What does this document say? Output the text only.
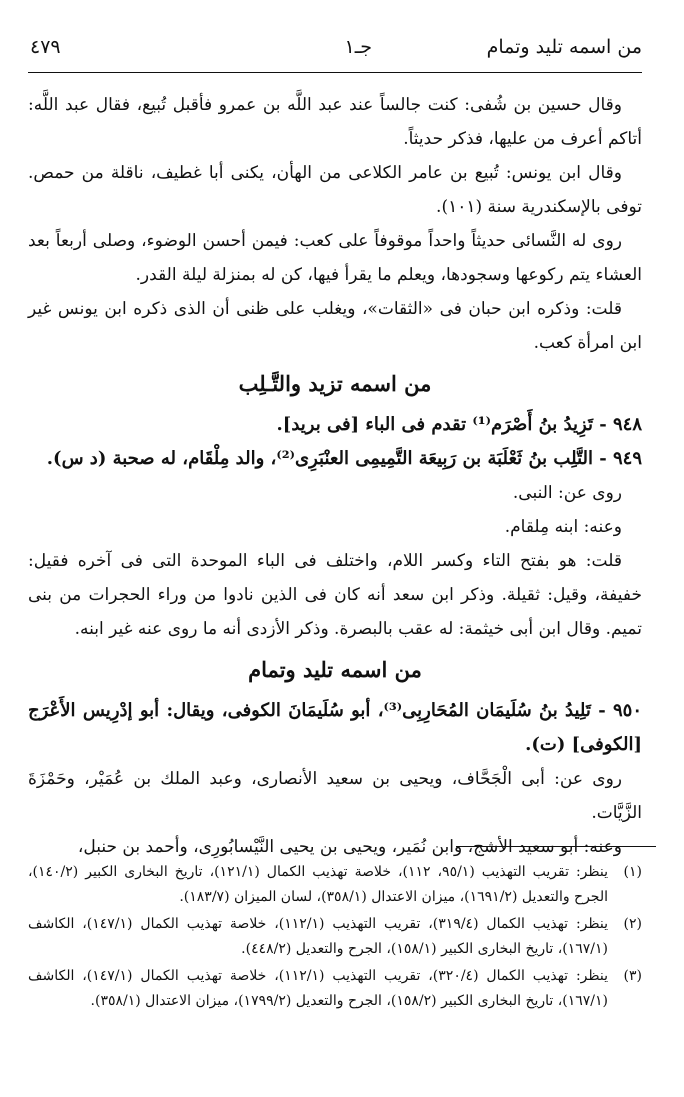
من اسمه تليد وتمام
جـ١
٤٧٩

وقال حسين بن شُفى: كنت جالساً عند عبد اللَّه بن عمرو فأقبل تُبيع، فقال عبد اللَّه: أتاكم أعرف من عليها، فذكر حديثاً.

وقال ابن يونس: تُبيع بن عامر الكلاعى من الهأن، يكنى أبا غطيف، ناقلة من حمص. توفى بالإسكندرية سنة (١٠١).

روى له النَّسائى حديثاً واحداً موقوفاً على كعب: فيمن أحسن الوضوء، وصلى أربعاً بعد العشاء يتم ركوعها وسجودها، ويعلم ما يقرأ فيها، كن له بمنزلة ليلة القدر.

قلت: وذكره ابن حبان فى «الثقات»، ويغلب على ظنى أن الذى ذكره ابن يونس غير ابن امرأة كعب.

من اسمه تزيد والتَّـلِب

٩٤٨ - تَزِيدُ بنُ أَصْرَم⁽¹⁾ تقدم فى الباء [فى بريد].

٩٤٩ - التَّلِب بنُ ثَعْلَبَة بن رَبِيعَة التَّمِيمِى العنْبَرِى⁽²⁾، والد مِلْقَام، له صحبة (د س).

روى عن: النبى.

وعنه: ابنه مِلقام.

قلت: هو بفتح التاء وكسر اللام، واختلف فى الباء الموحدة التى فى آخره فقيل: خفيفة، وقيل: ثقيلة. وذكر ابن سعد أنه كان فى الذين نادوا من وراء الحجرات من بنى تميم. وقال ابن أبى خيثمة: له عقب بالبصرة. وذكر الأزدى أنه ما روى عنه غير ابنه.

من اسمه تليد وتمام

٩٥٠ - تَلِيدُ بنُ سُلَيمَان المُحَارِبِى⁽³⁾، أبو سُلَيمَانَ الكوفى، ويقال: أبو إدْرِيس الأَعْرَج [الكوفى] (ت).

روى عن: أبى الْجَحَّاف، ويحيى بن سعيد الأنصارى، وعبد الملك بن عُمَيْر، وحَمْزَةَ الزَّيَّات.

وعنه: أبو سعيد الأشج، وابن نُمَير، ويحيى بن يحيى النَّيْسابُورِى، وأحمد بن حنبل،

(١)
ينظر: تقريب التهذيب (٩٥/١، ١١٢)، خلاصة تهذيب الكمال (١٢١/١)، تاريخ البخارى الكبير (١٤٠/٢)، الجرح والتعديل (١٦٩١/٢)، ميزان الاعتدال (٣٥٨/١)، لسان الميزان (١٨٣/٧).
(٢)
ينظر: تهذيب الكمال (٣١٩/٤)، تقريب التهذيب (١١٢/١)، خلاصة تهذيب الكمال (١٤٧/١)، الكاشف (١٦٧/١)، تاريخ البخارى الكبير (١٥٨/١)، الجرح والتعديل (٤٤٨/٢).
(٣)
ينظر: تهذيب الكمال (٣٢٠/٤)، تقريب التهذيب (١١٢/١)، خلاصة تهذيب الكمال (١٤٧/١)، الكاشف (١٦٧/١)، تاريخ البخارى الكبير (١٥٨/٢)، الجرح والتعديل (١٧٩٩/٢)، ميزان الاعتدال (٣٥٨/١).
